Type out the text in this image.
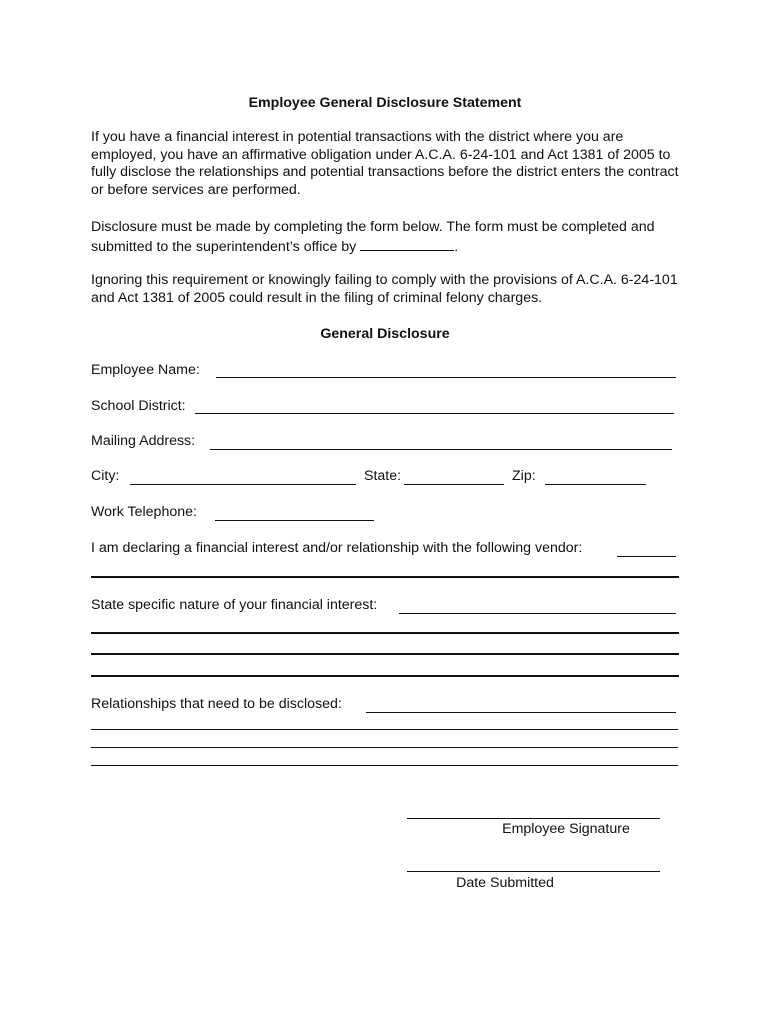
Employee General Disclosure Statement
If you have a financial interest in potential transactions with the district where you are employed, you have an affirmative obligation under A.C.A. 6-24-101 and Act 1381 of 2005 to fully disclose the relationships and potential transactions before the district enters the contract or before services are performed.
Disclosure must be made by completing the form below. The form must be completed and submitted to the superintendent’s office by	.
Ignoring this requirement or knowingly failing to comply with the provisions of A.C.A. 6-24-101 and Act 1381 of 2005 could result in the filing of criminal felony charges.
General Disclosure
Employee Name:
School District:
Mailing Address:
City:	State:	Zip:
Work Telephone:
I am declaring a financial interest and/or relationship with the following vendor:
State specific nature of your financial interest:
Relationships that need to be disclosed:
Employee Signature
Date Submitted
